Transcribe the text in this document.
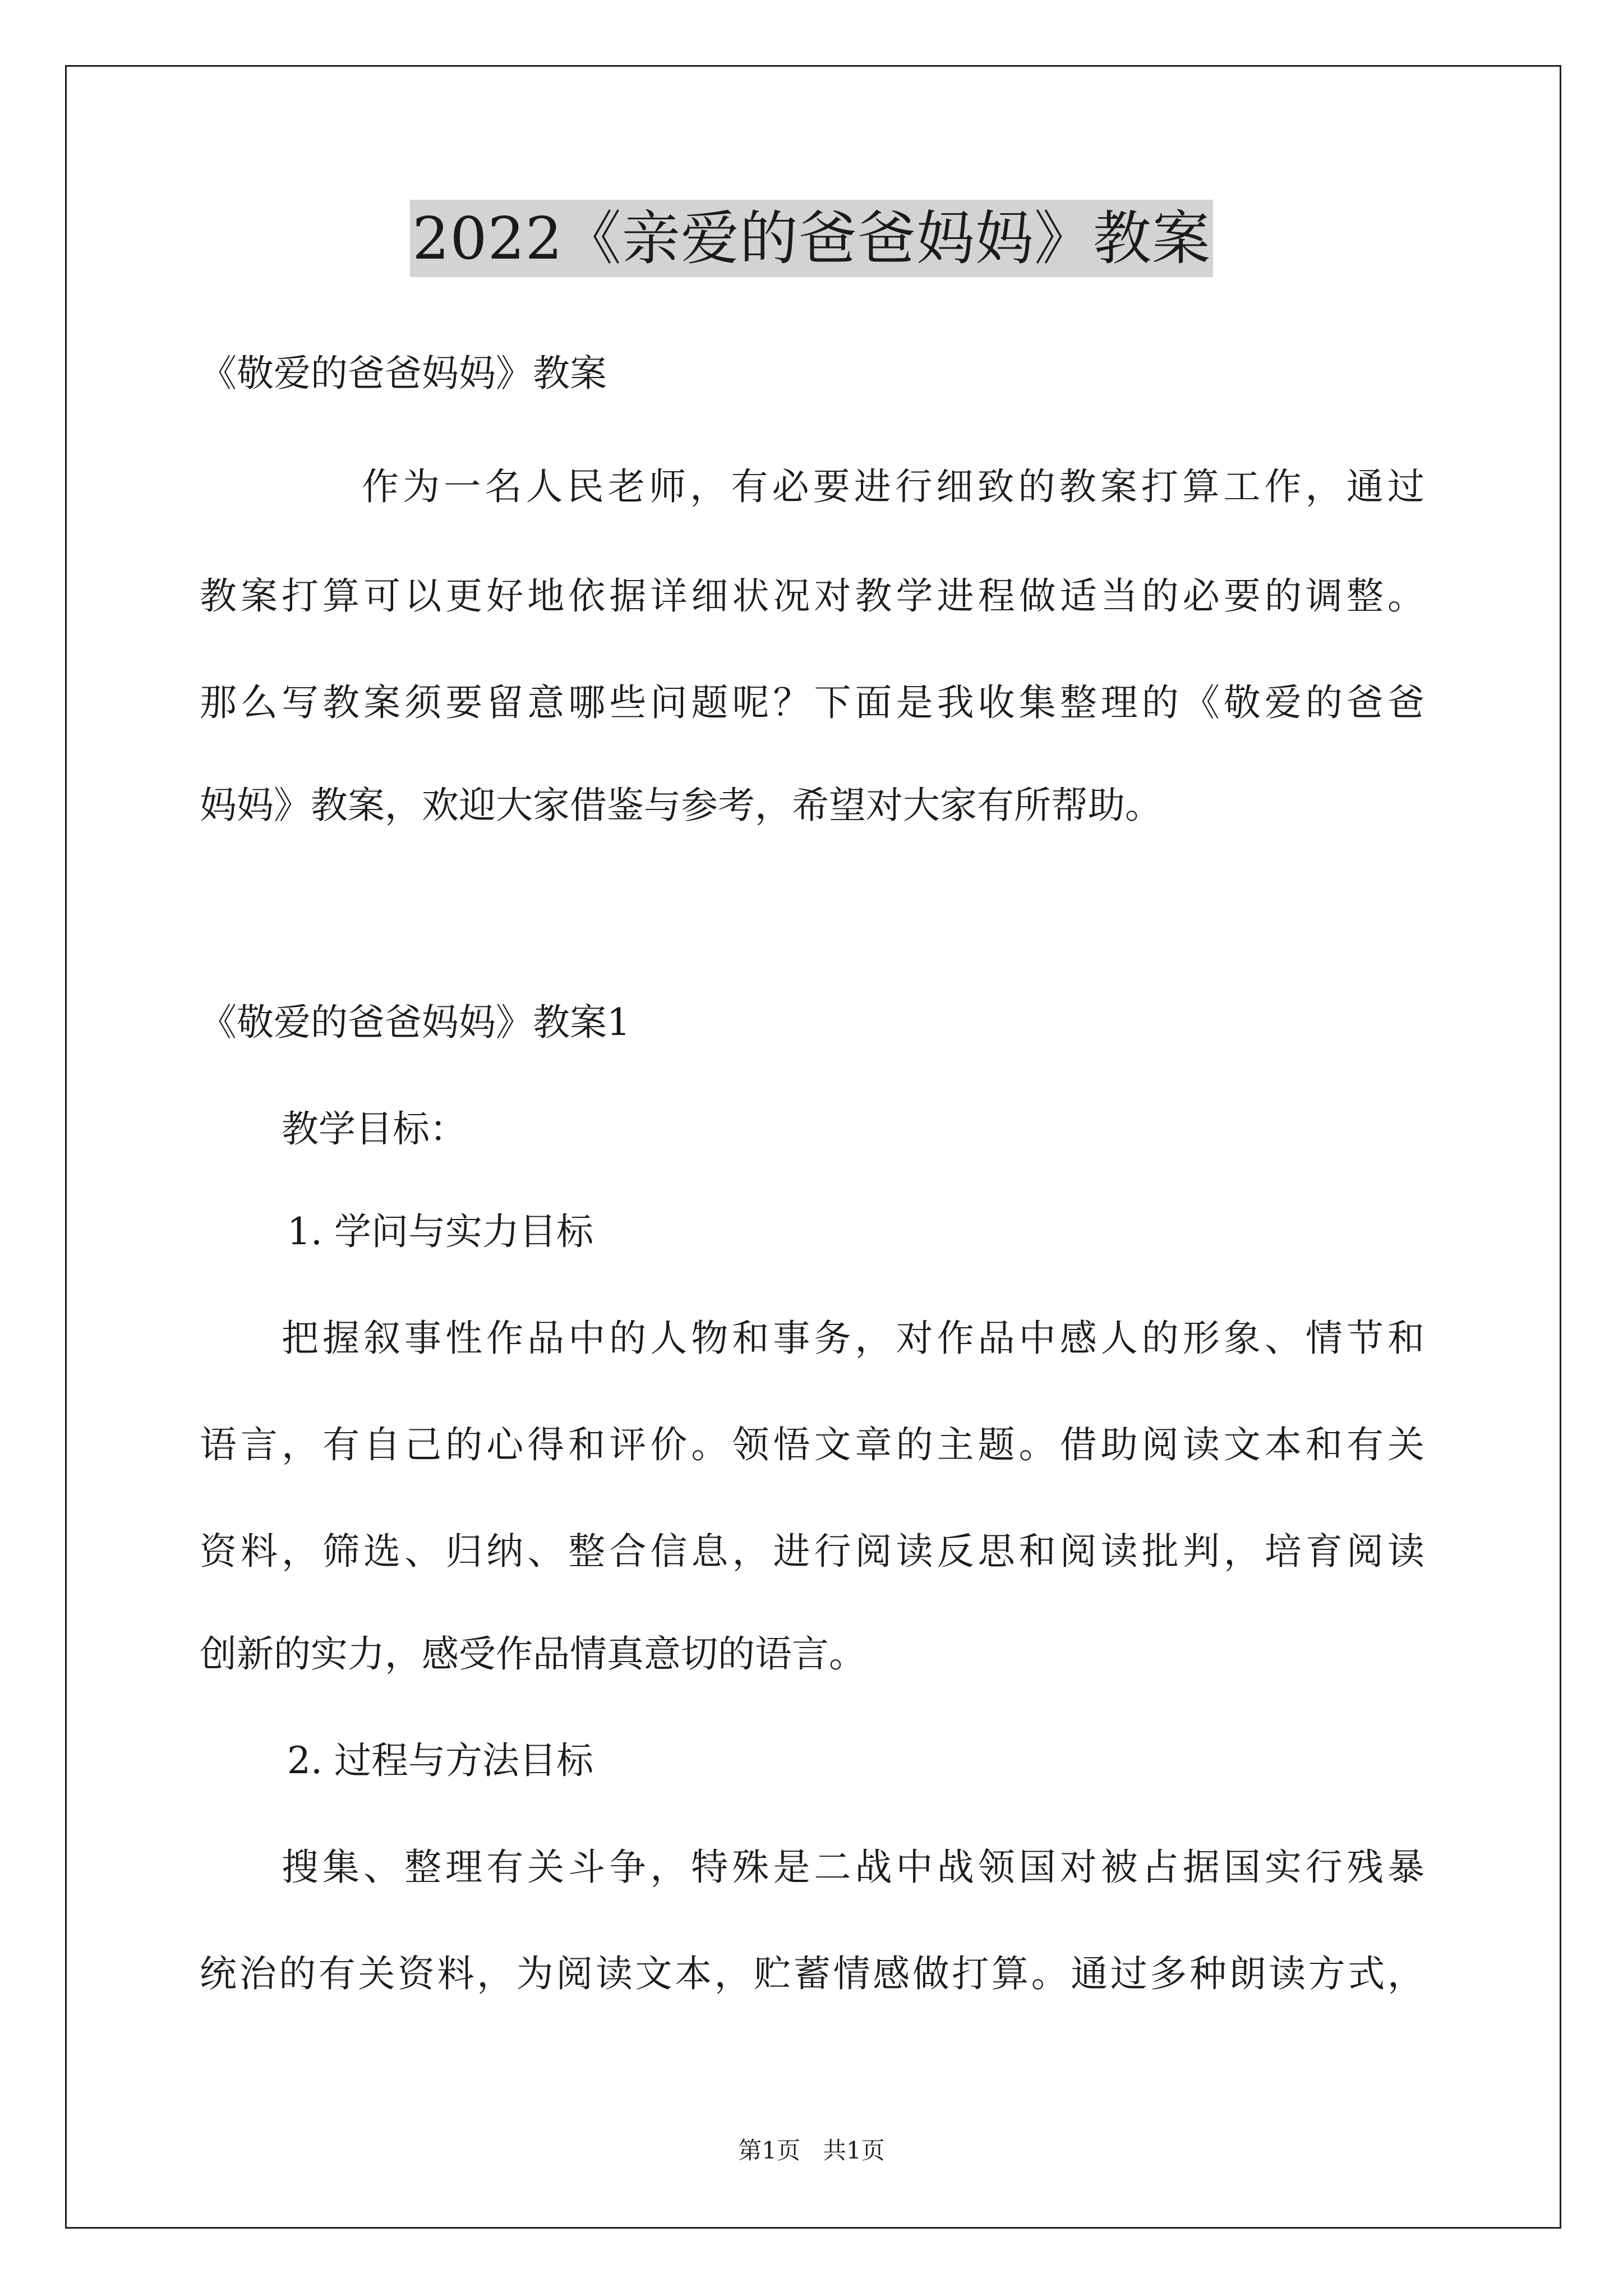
2022《亲爱的爸爸妈妈》教案
《敬爱的爸爸妈妈》教案
作为一名人民老师，有必要进行细致的教案打算工作，通过
教案打算可以更好地依据详细状况对教学进程做适当的必要的调整。
那么写教案须要留意哪些问题呢？下面是我收集整理的《敬爱的爸爸
妈妈》教案，欢迎大家借鉴与参考，希望对大家有所帮助。
《敬爱的爸爸妈妈》教案1
教学目标：
1. 学问与实力目标
把握叙事性作品中的人物和事务，对作品中感人的形象、情节和
语言，有自己的心得和评价。领悟文章的主题。借助阅读文本和有关
资料，筛选、归纳、整合信息，进行阅读反思和阅读批判，培育阅读
创新的实力，感受作品情真意切的语言。
2. 过程与方法目标
搜集、整理有关斗争，特殊是二战中战领国对被占据国实行残暴
统治的有关资料，为阅读文本，贮蓄情感做打算。通过多种朗读方式，
第1页   共1页
